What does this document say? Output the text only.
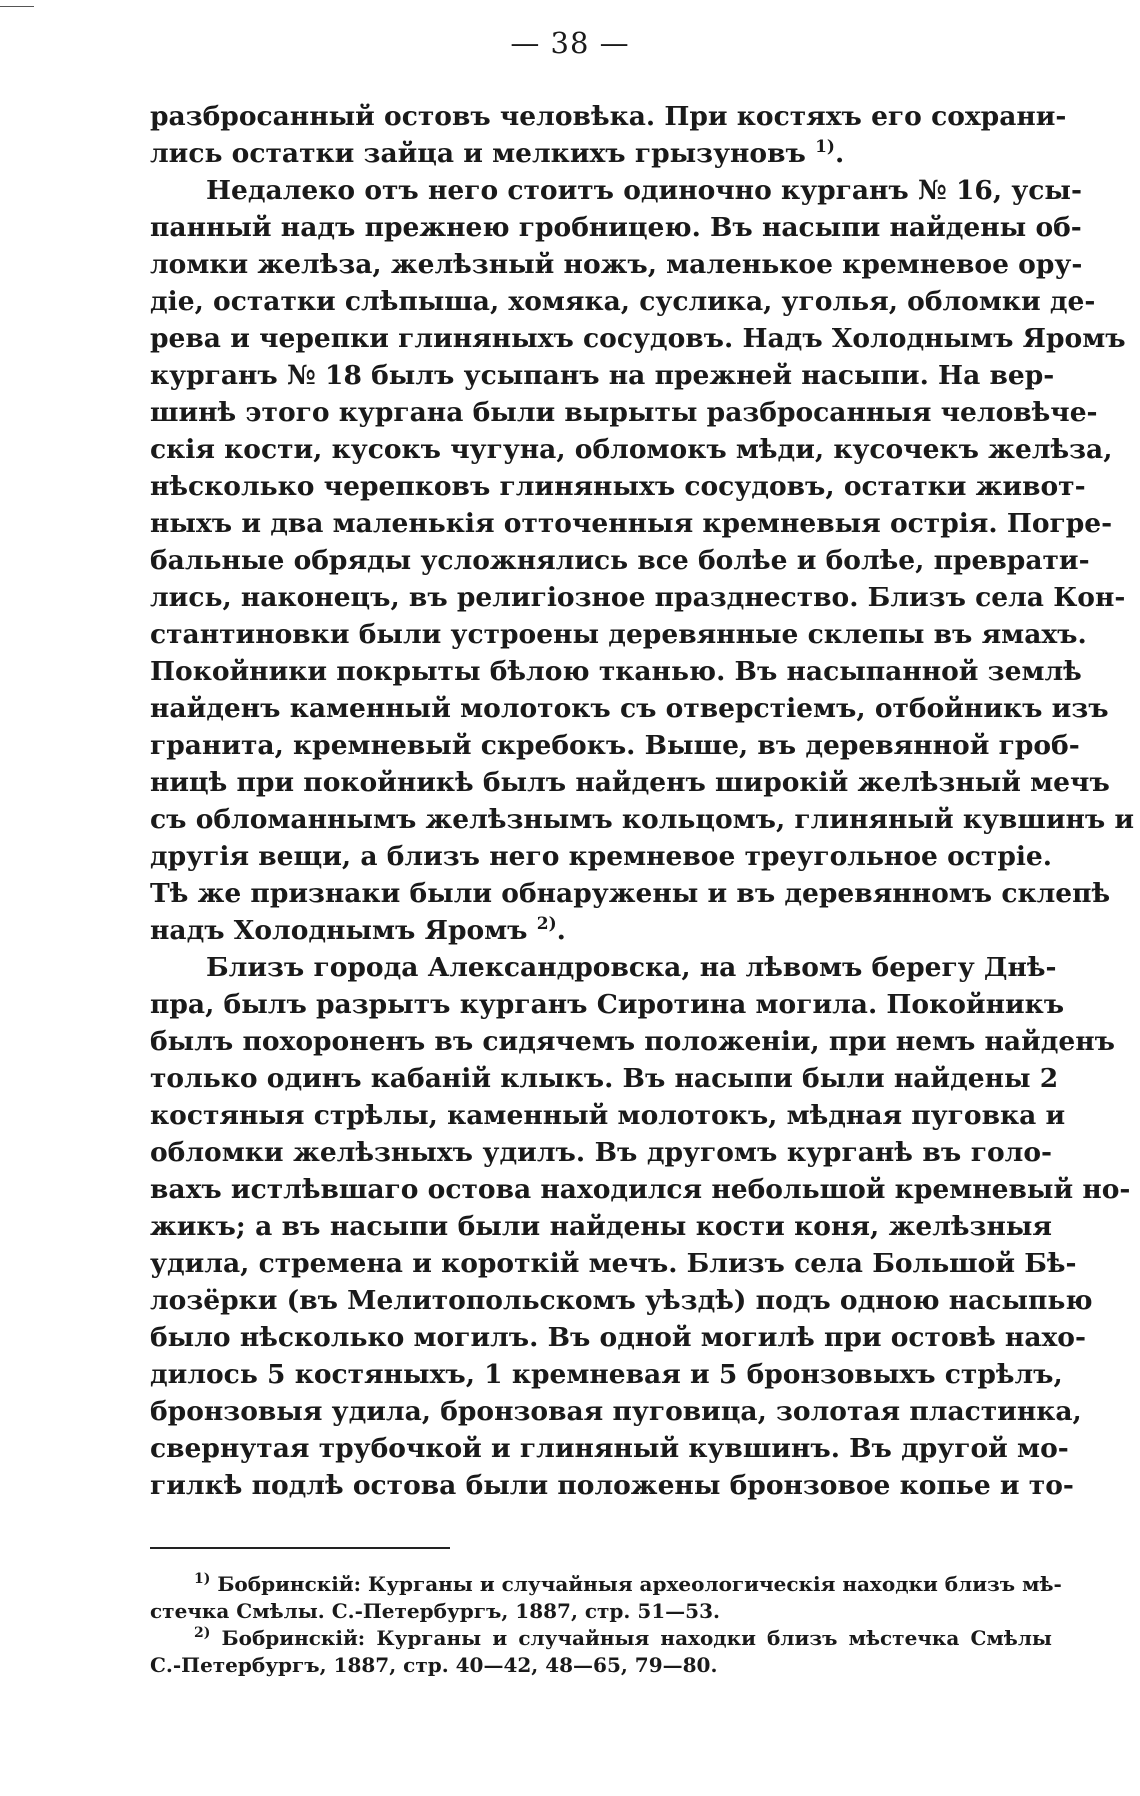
— 38 —
разбросанный остовъ человѣка. При костяхъ его сохрани-
лись остатки зайца и мелкихъ грызуновъ $^{1)}$.
Недалеко отъ него стоитъ одиночно курганъ № 16, усы-
панный надъ прежнею гробницею. Въ насыпи найдены об-
ломки желѣза, желѣзный ножъ, маленькое кремневое ору-
діе, остатки слѣпыша, хомяка, суслика, уголья, обломки де-
рева и черепки глиняныхъ сосудовъ. Надъ Холоднымъ Яромъ
курганъ № 18 былъ усыпанъ на прежней насыпи. На вер-
шинѣ этого кургана были вырыты разбросанныя человѣче-
скія кости, кусокъ чугуна, обломокъ мѣди, кусочекъ желѣза,
нѣсколько черепковъ глиняныхъ сосудовъ, остатки живот-
ныхъ и два маленькія отточенныя кремневыя острія. Погре-
бальные обряды усложнялись все болѣе и болѣе, преврати-
лись, наконецъ, въ религіозное празднество. Близъ села Кон-
стантиновки были устроены деревянные склепы въ ямахъ.
Покойники покрыты бѣлою тканью. Въ насыпанной землѣ
найденъ каменный молотокъ съ отверстіемъ, отбойникъ изъ
гранита, кремневый скребокъ. Выше, въ деревянной гроб-
ницѣ при покойникѣ былъ найденъ широкій желѣзный мечъ
съ обломаннымъ желѣзнымъ кольцомъ, глиняный кувшинъ и
другія вещи, а близъ него кремневое треугольное остріе.
Тѣ же признаки были обнаружены и въ деревянномъ склепѣ
надъ Холоднымъ Яромъ $^{2)}$.
Близъ города Александровска, на лѣвомъ берегу Днѣ-
пра, былъ разрытъ курганъ Сиротина могила. Покойникъ
былъ похороненъ въ сидячемъ положеніи, при немъ найденъ
только одинъ кабаній клыкъ. Въ насыпи были найдены 2
костяныя стрѣлы, каменный молотокъ, мѣдная пуговка и
обломки желѣзныхъ удилъ. Въ другомъ курганѣ въ голо-
вахъ истлѣвшаго остова находился небольшой кремневый но-
жикъ; а въ насыпи были найдены кости коня, желѣзныя
удила, стремена и короткій мечъ. Близъ села Большой Бѣ-
лозёрки (въ Мелитопольскомъ уѣздѣ) подъ одною насыпью
было нѣсколько могилъ. Въ одной могилѣ при остовѣ нахо-
дилось 5 костяныхъ, 1 кремневая и 5 бронзовыхъ стрѣлъ,
бронзовыя удила, бронзовая пуговица, золотая пластинка,
свернутая трубочкой и глиняный кувшинъ. Въ другой мо-
гилкѣ подлѣ остова были положены бронзовое копье и то-
$^{1)}$ Бобринскій: Курганы и случайныя археологическія находки близъ мѣ-
стечка Смѣлы. С.-Петербургъ, 1887, стр. 51—53.
$^{2)}$ Бобринскій: Курганы и случайныя находки близъ мѣстечка Смѣлы
С.-Петербургъ, 1887, стр. 40—42, 48—65, 79—80.
